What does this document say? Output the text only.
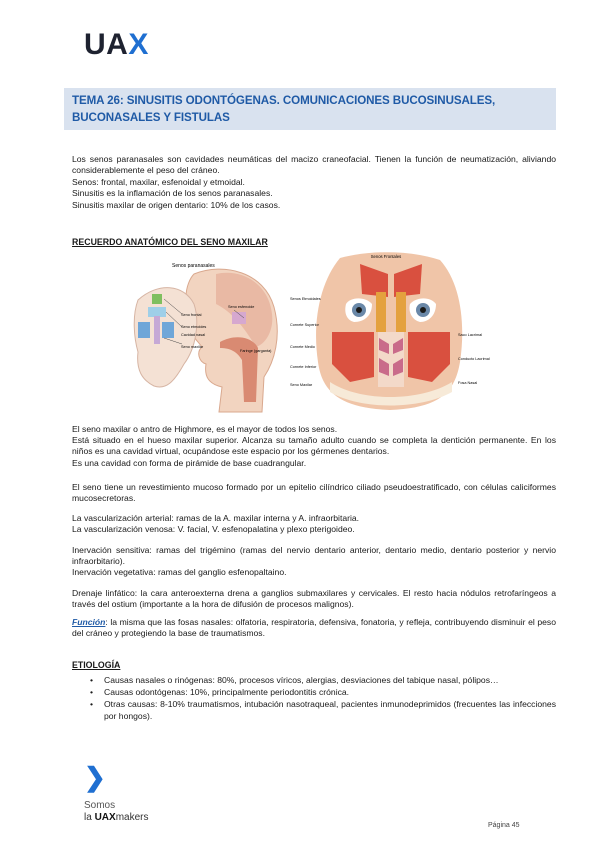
UAX
TEMA 26: SINUSITIS ODONTÓGENAS. COMUNICACIONES BUCOSINUSALES,
BUCONASALES Y FISTULAS

Los senos paranasales son cavidades neumáticas del macizo craneofacial. Tienen la función de neumatización, aliviando considerablemente el peso del cráneo.

Senos: frontal, maxilar, esfenoidal y etmoidal.

Sinusitis es la inflamación de los senos paranasales.

Sinusitis maxilar de origen dentario: 10% de los casos.

RECUERDO ANATÓMICO DEL SENO MAXILAR
Senos paranasales
Seno frontal
Seno etmoides
Cavidad nasal
Seno maxilar
Seno esfenoide
Faringe (garganta)
Senos Frontales
Senos Etmoidales
Cornete Superior
Cornete Medio
Cornete Inferior
Seno Maxilar
Saco Lacrimal
Conducto Lacrimal
Fosa Nasal

El seno maxilar o antro de Highmore, es el mayor de todos los senos.

Está situado en el hueso maxilar superior. Alcanza su tamaño adulto cuando se completa la dentición permanente. En los niños es una cavidad virtual, ocupándose este espacio por los gérmenes dentarios.

Es una cavidad con forma de pirámide de base cuadrangular.

El seno tiene un revestimiento mucoso formado por un epitelio cilíndrico ciliado pseudoestratificado, con células caliciformes mucosecretoras.

La vascularización arterial: ramas de la A. maxilar interna y A. infraorbitaria.

La vascularización venosa: V. facial, V. esfenopalatina y plexo pterigoideo.

Inervación sensitiva: ramas del trigémino (ramas del nervio dentario anterior, dentario medio, dentario posterior y nervio infraorbitario).

Inervación vegetativa: ramas del ganglio esfenopaltaino.

Drenaje linfático: la cara anteroexterna drena a ganglios submaxilares y cervicales. El resto hacia nódulos retrofaríngeos a través del ostium (importante a la hora de difusión de procesos malignos).
Función: la misma que las fosas nasales: olfatoria, respiratoria, defensiva, fonatoria, y refleja, contribuyendo disminuir el peso del cráneo y protegiendo la base de traumatismos.
ETIOLOGÍA
• Causas nasales o rinógenas: 80%, procesos víricos, alergias, desviaciones del tabique nasal, pólipos…
• Causas odontógenas: 10%, principalmente periodontitis crónica.
• Otras causas: 8-10% traumatismos, intubación nasotraqueal, pacientes inmunodeprimidos (frecuentes las infecciones por hongos).
❯
Somos
la UAXmakers
Página 45
